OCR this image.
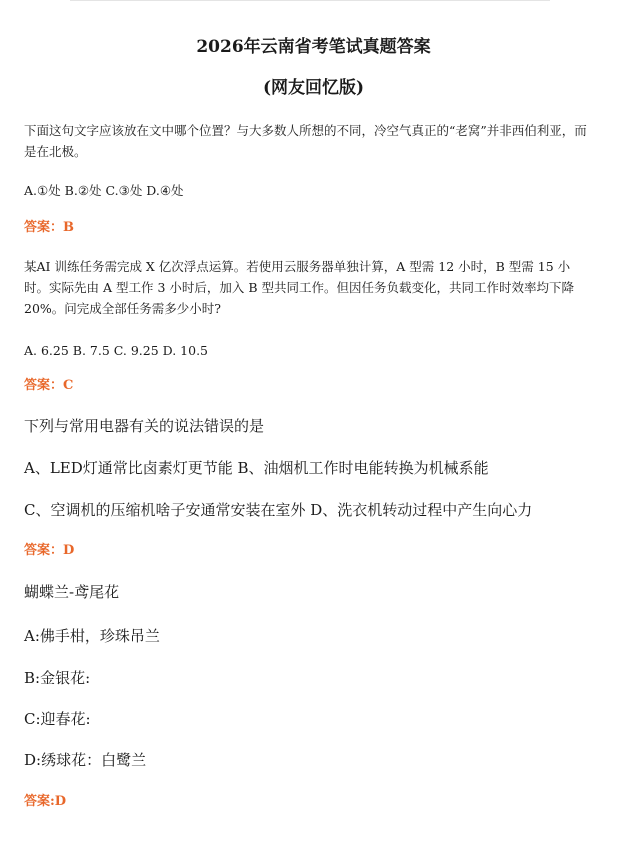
2026年云南省考笔试真题答案
(网友回忆版)
下面这句文字应该放在文中哪个位置？与大多数人所想的不同，冷空气真正的“老窝”并非西伯利亚，而是在北极。
A.①处 B.②处 C.③处 D.④处
答案：B
某AI 训练任务需完成 X 亿次浮点运算。若使用云服务器单独计算，A 型需 12 小时，B 型需 15 小时。实际先由 A 型工作 3 小时后，加入 B 型共同工作。但因任务负载变化，共同工作时效率均下降 20%。问完成全部任务需多少小时?
A. 6.25 B. 7.5 C. 9.25 D. 10.5
答案：C
下列与常用电器有关的说法错误的是
A、LED灯通常比卤素灯更节能 B、油烟机工作时电能转换为机械系能
C、空调机的压缩机啥子安通常安装在室外 D、洗衣机转动过程中产生向心力
答案：D
蝴蝶兰-鸢尾花
A:佛手柑，珍珠吊兰
B:金银花:
C:迎春花:
D:绣球花：白鹭兰
答案:D
